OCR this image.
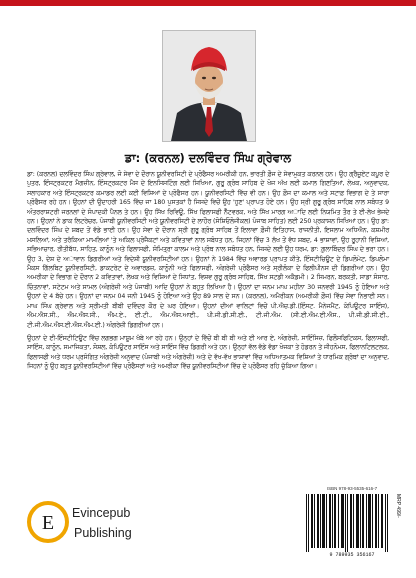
ਡਾ: (ਕਰਨਲ) ਦਲਵਿੰਦਰ ਸਿੰਘ ਗ੍ਰੇਵਾਲ

ਡਾ: (ਕਰਨਲ) ਦਲਵਿੰਦਰ ਸਿੰਘ ਗ੍ਰੇਵਾਲ, ਜੋ ਸੇਵਾ ਦੇ ਦੌਰਾਨ ਯੂਨੀਵਰਸਿਟੀ ਦੇ ਪ੍ਰੋਫੈਸਰ ਅਮਰੀਕੀ ਹਨ, ਭਾਰਤੀ ਫ਼ੌਜ ਦੇ ਸੇਵਾਮੁਕਤ ਕਰਨਲ ਹਨ। ਉਹ ਗ੍ਰੈਜੂਏਟ ਕਪੂਰ ਦੇ ਪੁਤਰ, ਇੰਸਟ੍ਰਕਟਰ ਮੈਗਜ਼ੀਨ, ਇੰਸਟ੍ਰਕਟਰ ਮੈਸ ਦੇ ਇਨਸਿਸਟਿੰਗ ਲਈ ਸਿਖਿਆ, ਗੁਰੂ ਗ੍ਰੰਥ ਸਾਹਿਬ ਦੇ ਖੋਜ ਅੱਖ ਲਈ ਕਮਾਲ ਗਿਣਤਿਆਂ, ਲੇਖਕ, ਅਨੁਵਾਦਕ, ਸਲਾਹਕਾਰ ਅਤੇ ਇੰਸਟ੍ਰਕਟਰ ਕਮਾਡਰ ਲਈ ਕਈ ਵਿਸ਼ਿਆਂ ਦੇ ਪ੍ਰੋਫੈਸਰ ਹਨ। ਯੂਨੀਵਰਸਿਟੀ ਵਿੱਚ ਵੀ ਹਨ। ਉਹ ਫ਼ੌਜ ਦਾ ਕਮਾਲ ਅਤੇ ਸਟਾਫ਼ ਵਿਭਾਗ ਦੇ ਤੇ ਸਾਰਾ ਪ੍ਰੋਫੈਸਰ ਰਹੇ ਹਨ। ਉਹਨਾਂ ਦੀ ਉਦਾਹਰੀ 165 ਵਿੱਚ ਜਾ 180 ਪੁਸਤਕਾਂ ਹੈ ਜਿਸਦੇ ਵਿਚੋਂ ਉਹ 'ਹੁਣ' ਪ੍ਰਾਪਤ ਹੋਏ ਹਨ। ਉਹ ਸ੍ਰੀ ਗੁਰੂ ਗ੍ਰੰਥ ਸਾਹਿਬ ਨਾਲ ਸਬੰਧਤ 9 ਅੰਤਰਰਾਸ਼ਟਰੀ ਜਰਨਲਾਂ ਦੇ ਸੰਪਾਦਕੀ ਪੈਨਲ ਤੇ ਹਨ। ਉਹ ਸਿੱਖ ਰਿਵਿਊ, ਸਿੱਖ ਫਿਲਾਸਫੀ ਨੈੱਟਵਰਕ, ਅਤੇ ਸਿੱਖ ਮਾਰਗ ਅਾਦਿ ਲਈ ਨਿਯਮਿਤ ਤੌਰ ਤੇ ਈ-ਲੇਖ ਭੇਜਦੇ ਹਨ। ਉਹਨਾਂ ਨੇ ਡਾਕ ਲਿਟਰੇਚਰ, ਪੰਜਾਬੀ ਯੂਨੀਵਰਸਿਟੀ ਅਤੇ ਯੂਨੀਵਰਸਿਟੀ ਦੇ ਲਾਹੌਰ (ਸੋਸ਼ਿਓਲੋਜੀਕਲ) ਪੰਜਾਬ ਸਾਹਿਤ) ਲਈ 250 ਪ੍ਰਕਾਸ਼ਨ ਸਿਖਿਆਂ ਹਨ। ਉਹ ਡਾ: ਦਲਵਿੰਦਰ ਸਿੰਘ ਦੇ ਸ਼ਬਦ ਤੋਂ ਵੱਡੇ ਭਾਈ ਹਨ। ਉਹ ਸੇਵਾ ਦੇ ਦੌਰਾਨ ਸ੍ਰੀ ਗੁਰੂ ਗ੍ਰੰਥ ਸਾਹਿਬ ਤੋਂ ਇਲਾਵਾ ਫ਼ੌਜੀ ਇਤਿਹਾਸ, ਰਾਜਨੀਤੀ, ਇਸਲਾਮ ਅਧਿਐਨ, ਕਸ਼ਮੀਰ ਮਸਲਿਆਂ, ਅਤੇ ਤਰੱਕਿਆ ਮਾਮਲਿਆਂ 'ਤੇ ਅਕਿਲ ਪ੍ਰੋਜੈਕਟਾਂ ਅਤੇ ਕਵਿਤਾਵਾਂ ਨਾਲ ਸਬੰਧਤ ਹਨ, ਜਿਹਨਾਂ ਵਿੱਚ 3 ਲੱਖ ਤੋਂ ਵੱਧ ਸ਼ਬਦ, 4 ਭਾਸ਼ਾਵਾਂ, ਉਹ ਰੂਹਾਨੀ ਵਿਸ਼ਿਆਂ, ਸਭਿਆਚਾਰ, ਰੀਤੀਬੱਧ, ਸਾਹਿਤ, ਕਾਨੂੰਨ ਅਤੇ ਫਿਲਾਸਫੀ, ਸੰਮਿਤ੍ਰਾ ਕਾਲਮ ਅਤੇ ਪ੍ਰੰਥ ਨਾਲ ਸਬੰਧਤ ਹਨ, ਜਿਸਦੇ ਲਈ ਉਹ ਧਰਮ, ਡਾ: ਗ਼ੁਲਾਬਿੰਦਰ ਸਿੰਘ ਦੇ ਭਰਾ ਹਨ। ਉਹ 3, ਦੇਸ਼ ਦੇ ਅਾਵਾਨ ਡਿਗਰੀਆਂ ਅਤੇ ਵਿਦੇਸ਼ੀ ਯੂਨੀਵਰਸਿਟੀਆਂ ਹਨ। ਉਹਨਾਂ ਨੇ 1984 ਵਿੱਚ ਅਵਾਰਡ ਪ੍ਰਾਪਤ ਕੀਤੇ, ਇੰਸਟੀਚਿਊਟ ਦੇ ਡਿਪਲੋਮੇਟ, ਡਿਪਲੋਮਾ ਮੈਕਸ ਗਿੱਲਬਿਟ ਯੂਨੀਵਰਸਿਟੀ, ਡਾਕਟਰੇਟ ਦੇ ਅਵਾਰਡਜ਼, ਕਾਨੂੰਨੀ ਅਤੇ ਫਿਲਾਸਫੀ, ਅੰਗਰੇਜ਼ੀ ਪ੍ਰੋਫੈਸਰ ਅਤੇ ਸ੍ਰੀਲੰਕਾ ਦੇ ਫਿਲੀਪੀਨਸ ਦੀ ਡਿਗਰੀਆਂ ਹਨ। ਉਹ ਅਮਰੀਕਾ ਦੇ ਵਿਭਾਗ ਦੇ ਦੌਰਾਨ 2 ਕਵਿਤਾਵਾਂ, ਲੇਖਕ ਅਤੇ ਵਿਸ਼ਿਆਂ ਦੇ ਸਿਧਾਂਤ, ਵਿਸ਼ਵ ਗੁਰੂ ਗ੍ਰੰਥ ਸਾਹਿਬ, ਸਿੱਖ ਸਟਡੀ ਅਕੈਡਮੀ। 2 ਸਿਮਰਨ, ਬਰਕਤੀ, ਸਾਡਾ ਸੰਸਾਰ, ਚਿੰਤਨਾਵਾਂ, ਸਟੇਟਮ ਅਤੇ ਸਾਮਲ (ਅੰਗਰੇਜ਼ੀ ਅਤੇ ਪੰਜਾਬੀ) ਆਦਿ ਉਹਨਾਂ ਨੇ ਬਹੁਤ ਲਿਖਿਆ ਹੈ। ਉਹਨਾਂ ਦਾ ਜਨਮ ਮਾਘ ਮਹੀਨਾ 30 ਜਨਵਰੀ 1945 ਨੂੰ ਹੋਇਆ ਅਤੇ ਉਹਨਾਂ ਦੇ 4 ਬੱਚੇ ਹਨ। ਉਹਨਾਂ ਦਾ ਜਨਮ 04 ਜਨੀ 1945 ਨੂੰ ਹੋਇਆ ਅਤੇ ਉਹ 89 ਸਾਲ ਦੇ ਸਨ। (ਕਰਨਲ), ਅਮੈਰੀਕਨ (ਅਮਰੀਕੀ ਫ਼ੌਜ) ਵਿੱਚ ਸੇਵਾ ਨਿਭਾਈ ਸਨ। ਮਾਘ ਸਿੰਘ ਗ੍ਰੇਵਾਲ ਅਤੇ ਸ੍ਰੀਮਤੀ ਬੀਬੀ ਦਵਿੰਦਰ ਕੌਰ ਦੇ ਘਰ ਹੋਇਆ। ਉਹਨਾਂ ਦੀਆਂ ਵਾਲਿਟਾਂ ਵਿਚੋਂ ਪੀ.ਐਚ.ਡੀ.(ਇੰਸਟ. ਮੈਨੇਜਮੈਂਟ, ਕੰਪਿਊਟਰ ਸਾਇੰਸ), ਐਮ.ਐਸ.ਸੀ., ਐਮ.ਐਸ.ਸੀ., ਐਮ.ਏ., ਈ.ਟੀ., ਐਮ.ਐਸ.ਆਈ., ਪੀ.ਜੀ.ਡੀ.ਸੀ.ਈ., ਟੀ.ਜੀ.ਐਮ. (ਸੀ.ਈ.ਐਮ.ਈ.ਐਸ., ਪੀ.ਜੀ.ਡੀ.ਸੀ.ਈ., ਟੀ.ਜੀ.ਐਮ.ਐਸ.ਈ.ਐਸ.ਐਮ.ਈ.) ਅੰਗਰੇਜ਼ੀ ਡਿਗਰੀਆਂ ਹਨ।

ਉਹਨਾਂ ਦੇ ਈ-ਇੰਸਟੀਟਿਊਟ ਵਿੱਚ ਲਗਭਗ ਮਾਸ਼ੂਮ ਖੱਬੇ ਆ ਰਹੇ ਹਨ। ਉਨ੍ਹਾਂ ਦੇ ਵਿੱਚੋਂ ਬੀ ਬੀ ਬੀ ਅਤੇ ਈ ਆਰ ਏ, ਅੰਗਰੇਜ਼ੀ, ਸਾਇੰਸਿਜ਼, ਫਿਲੌਸਫਿਟਿਕਸ, ਫਿਲਾਸਫੀ, ਸਾਇੰਸ, ਕਾਨੂੰਨ, ਸਮਾਜਿਕਤਾ, ਸੋਸ਼ਲ, ਕੰਪਿਊਟਰ ਸਾਇੰਸ ਅਤੇ ਸਾਇੰਸ ਵਿੱਚ ਡਿਗਰੀ ਅਤੇ ਹਨ। ਉਨ੍ਹਾਂ ਵੱਲ ਵੱਡੇ ਵੱਡਾ ਖੋਜਕਾ ਤੇ ਹੋਡਰਨ ਤੇ ਜੀਹਨੋਮਸ, ਫਿਲਾਨਟਿਲਟਲਕ, ਫਿਲਾਸਫੀ ਅਤੇ ਧਰਮ ਪ੍ਰਸੰਗਿਤ ਅੰਗਰੇਜ਼ੀ ਅਨੁਵਾਦ (ਪੰਜਾਬੀ ਅਤੇ ਅੰਗਰੇਜ਼ੀ) ਅਤੇ ਦੇ ਵੱਖ-ਵੱਖ ਭਾਸ਼ਾਵਾਂ ਵਿੱਚ ਅਧਿਆਤਮਕ ਵਿਸ਼ਿਆਂ ਤੇ ਧਾਰਮਿਕ ਗ੍ਰੰਥਾਂ ਦਾ ਅਨੁਵਾਦ, ਜਿਹਨਾਂ ਨੂੰ ਉਹ ਬਹੁਤ ਯੂਨੀਵਰਸਿਟੀਆਂ ਵਿੱਚ ਪ੍ਰੋਫੈਸਰਾਂ ਅਤੇ ਅਮਰੀਕਾ ਵਿੱਚ ਯੂਨੀਵਰਸਿਟੀਆਂ ਵਿੱਚ ਦੇ ਪ੍ਰੋਫੈਸਰ ਰਹਿ ਚੁੱਕਿਆ ਗਿਆ।

E Evincepub
Publishing
ISBN 978-93-5535-616-7
9 789935 356167
MRP 499/-
